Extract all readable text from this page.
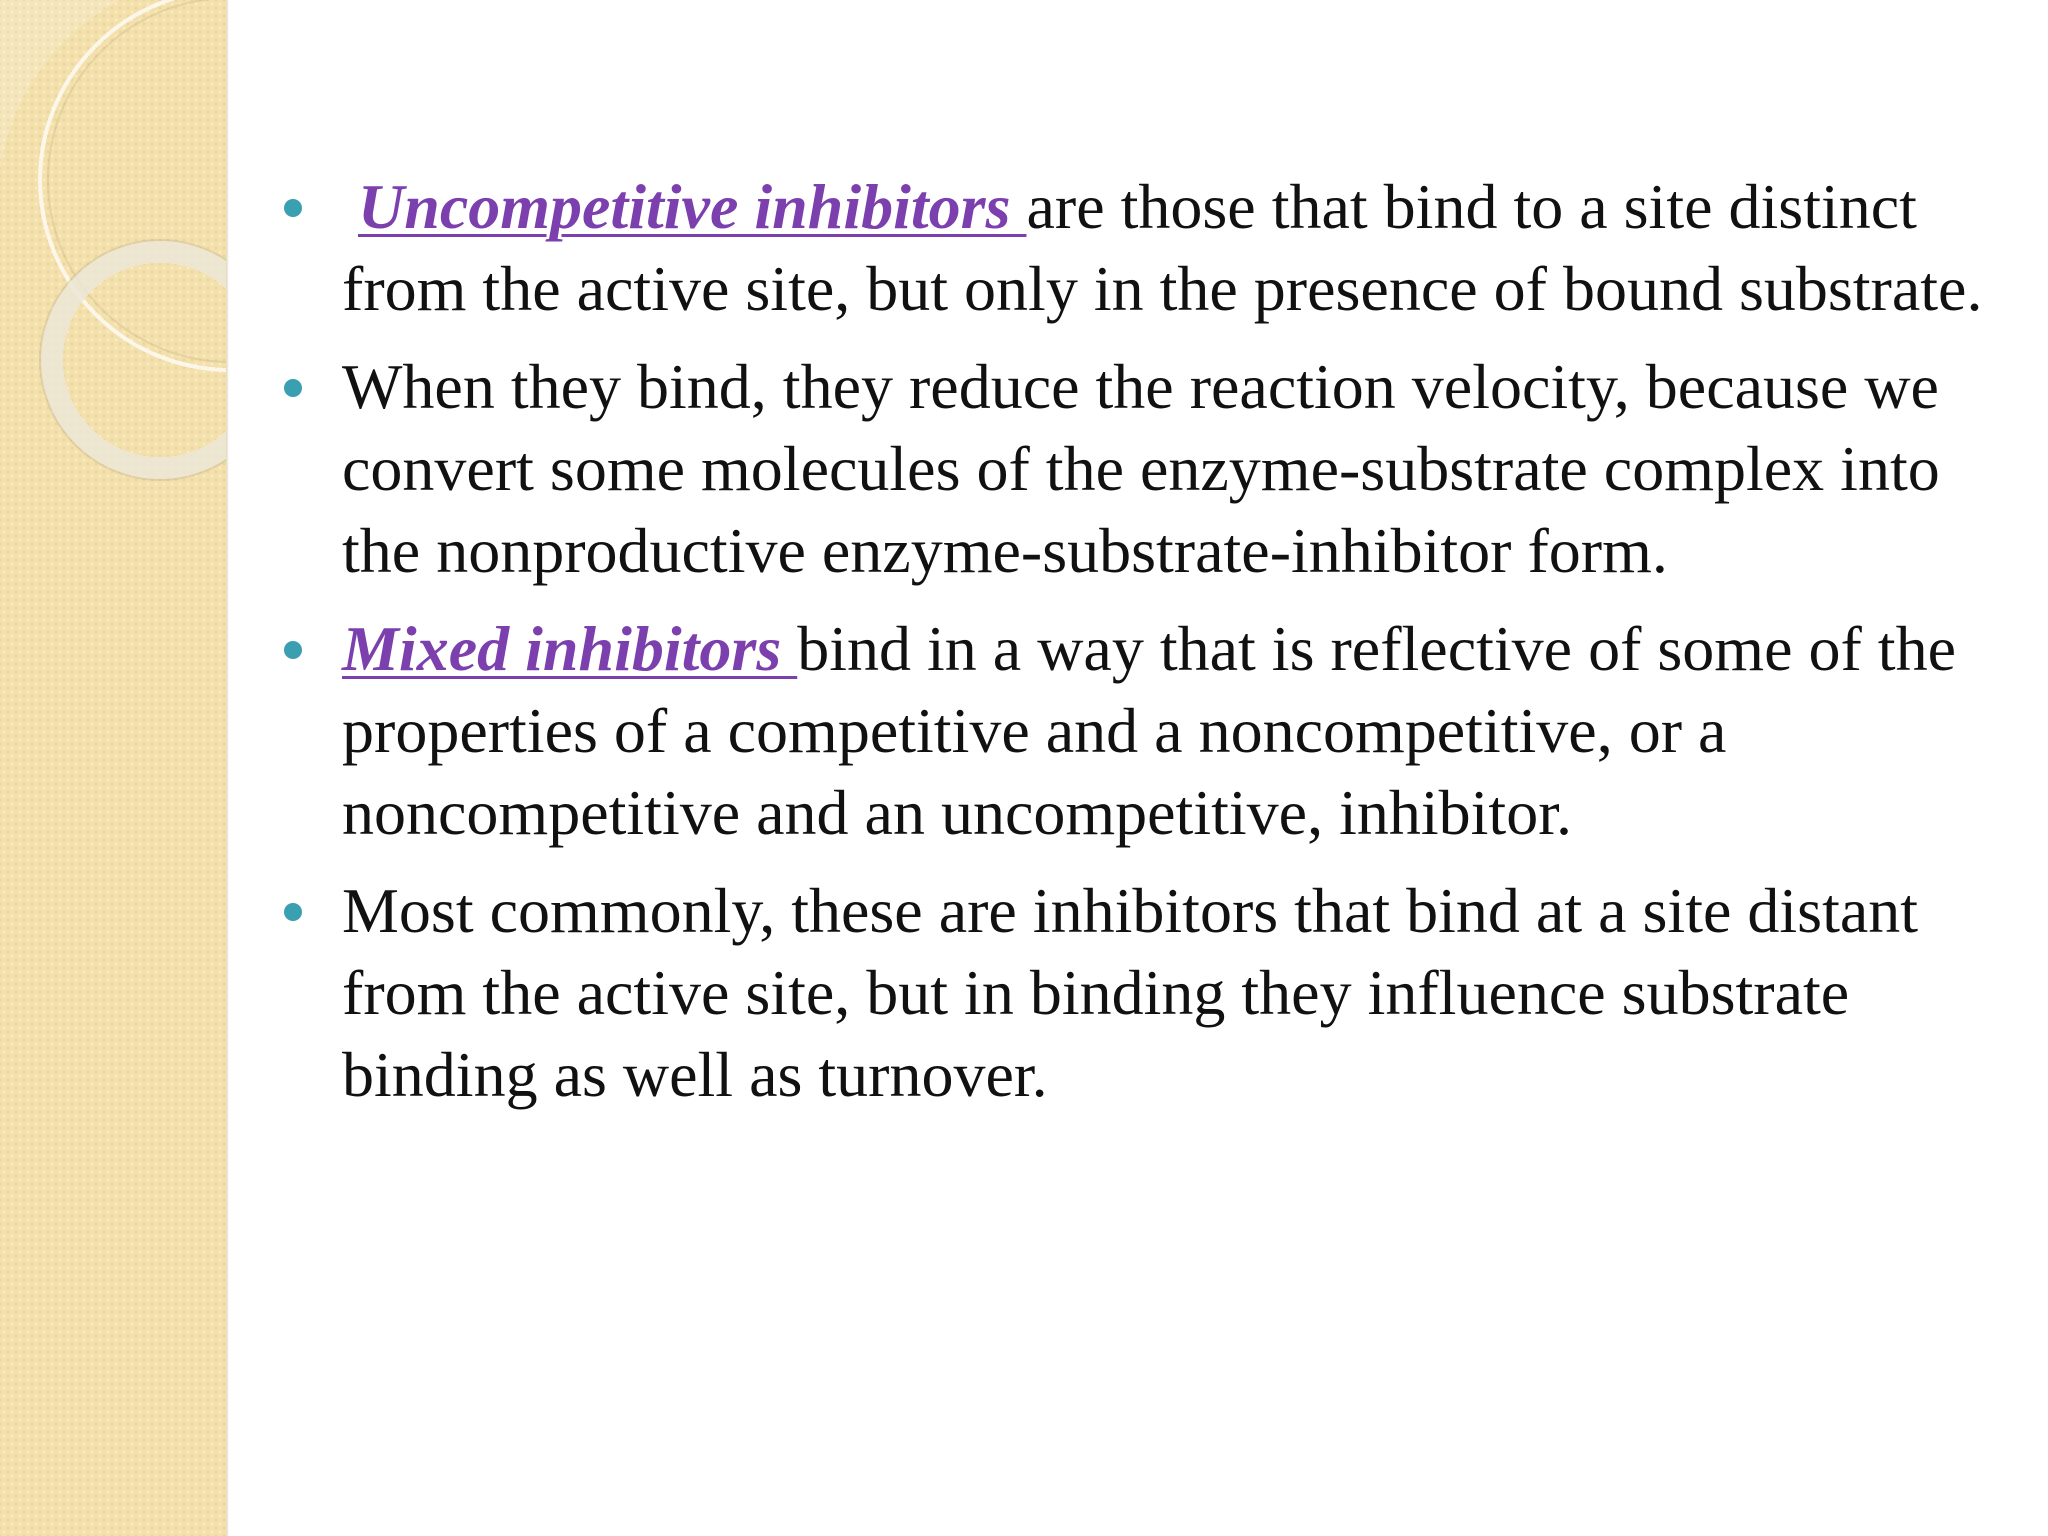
Uncompetitive inhibitors are those that bind to a site distinct from the active site, but only in the presence of bound substrate.
When they bind, they reduce the reaction velocity, because we convert some molecules of the enzyme-substrate complex into the nonproductive enzyme-substrate-inhibitor form.
Mixed inhibitors bind in a way that is reflective of some of the properties of a competitive and a noncompetitive, or a noncompetitive and an uncompetitive, inhibitor.
Most commonly, these are inhibitors that bind at a site distant from the active site, but in binding they influence substrate binding as well as turnover.
